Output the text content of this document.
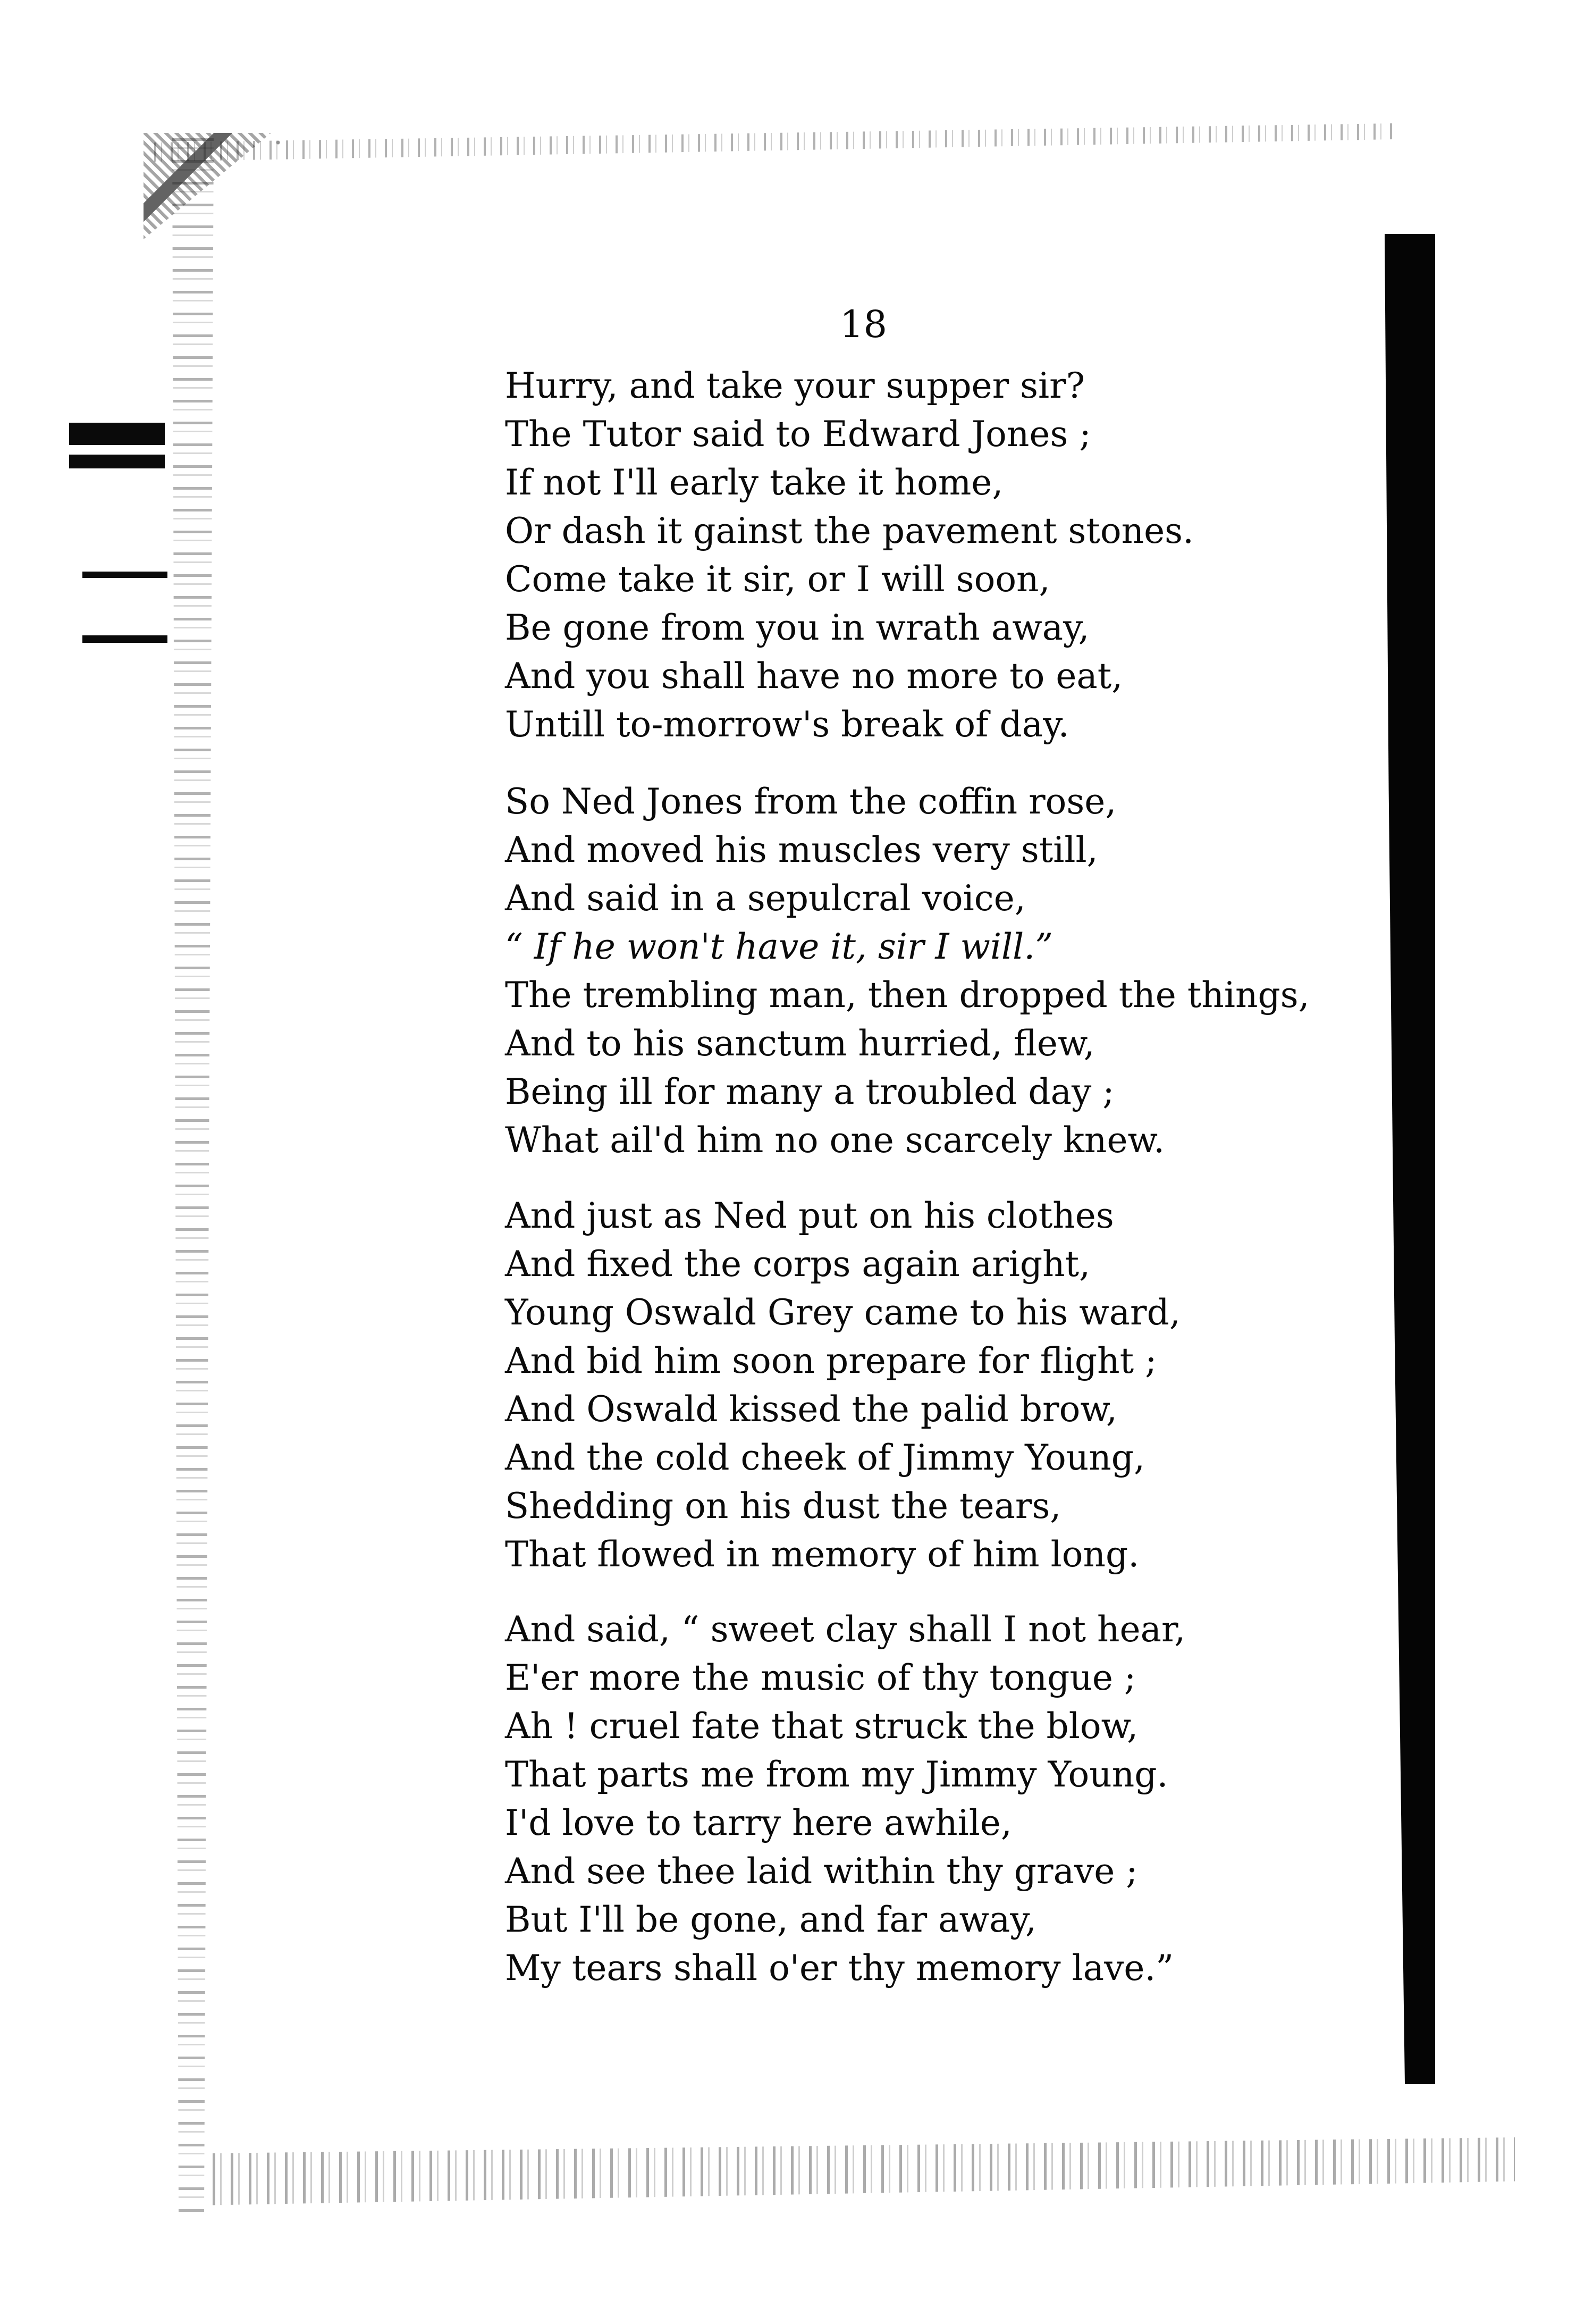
18
Hurry, and take your supper sir?
The Tutor said to Edward Jones ;
If not I'll early take it home,
Or dash it gainst the pavement stones.
Come take it sir, or I will soon,
Be gone from you in wrath away,
And you shall have no more to eat,
Untill to-morrow's break of day.
So Ned Jones from the coffin rose,
And moved his muscles very still,
And said in a sepulcral voice,
“ If he won't have it, sir I will.”
The trembling man, then dropped the things,
And to his sanctum hurried, flew,
Being ill for many a troubled day ;
What ail'd him no one scarcely knew.
And just as Ned put on his clothes
And fixed the corps again aright,
Young Oswald Grey came to his ward,
And bid him soon prepare for flight ;
And Oswald kissed the palid brow,
And the cold cheek of Jimmy Young,
Shedding on his dust the tears,
That flowed in memory of him long.
And said, “ sweet clay shall I not hear,
E'er more the music of thy tongue ;
Ah ! cruel fate that struck the blow,
That parts me from my Jimmy Young.
I'd love to tarry here awhile,
And see thee laid within thy grave ;
But I'll be gone, and far away,
My tears shall o'er thy memory lave.”
